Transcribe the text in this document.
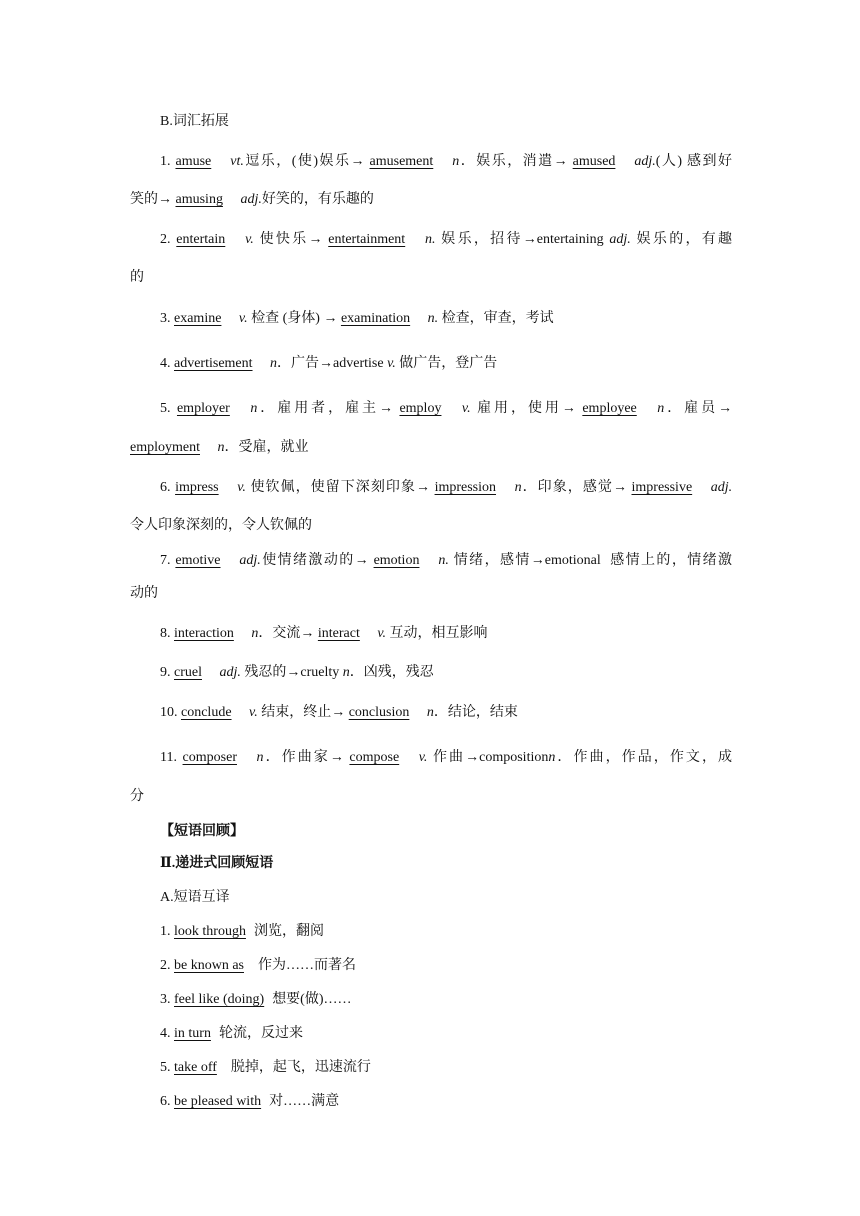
B.词汇拓展
1. amuse vt.逗乐，(使)娱乐→ amusement n．娱乐，消遣→ amused adj.(人) 感到好
笑的→ amusing adj.好笑的，有乐趣的
2. entertain v. 使快乐→ entertainment n. 娱乐，招待→entertaining adj. 娱乐的，有趣
的
3. examine v. 检查 (身体) → examination n. 检查，审查，考试
4. advertisement n．广告→advertise v. 做广告，登广告
5. employer n．雇用者，雇主→ employ v. 雇用，使用→ employee n．雇员→
employment n．受雇，就业
6. impress v. 使钦佩，使留下深刻印象→ impression n．印象，感觉→ impressive adj.
令人印象深刻的，令人钦佩的
7. emotive adj.使情绪激动的→ emotion n. 情绪，感情→emotional 感情上的，情绪激
动的
8. interaction n．交流→ interact v. 互动，相互影响
9. cruel adj. 残忍的→cruelty n．凶残，残忍
10. conclude v. 结束，终止→ conclusion n．结论，结束
11. composer n．作曲家→ compose v. 作曲→compositionn．作曲，作品，作文，成
分
【短语回顾】
Ⅱ.递进式回顾短语
A.短语互译
1. look through 浏览，翻阅
2. be known as 作为……而著名
3. feel like (doing) 想要(做)……
4. in turn 轮流，反过来
5. take off 脱掉，起飞，迅速流行
6. be pleased with 对……满意
